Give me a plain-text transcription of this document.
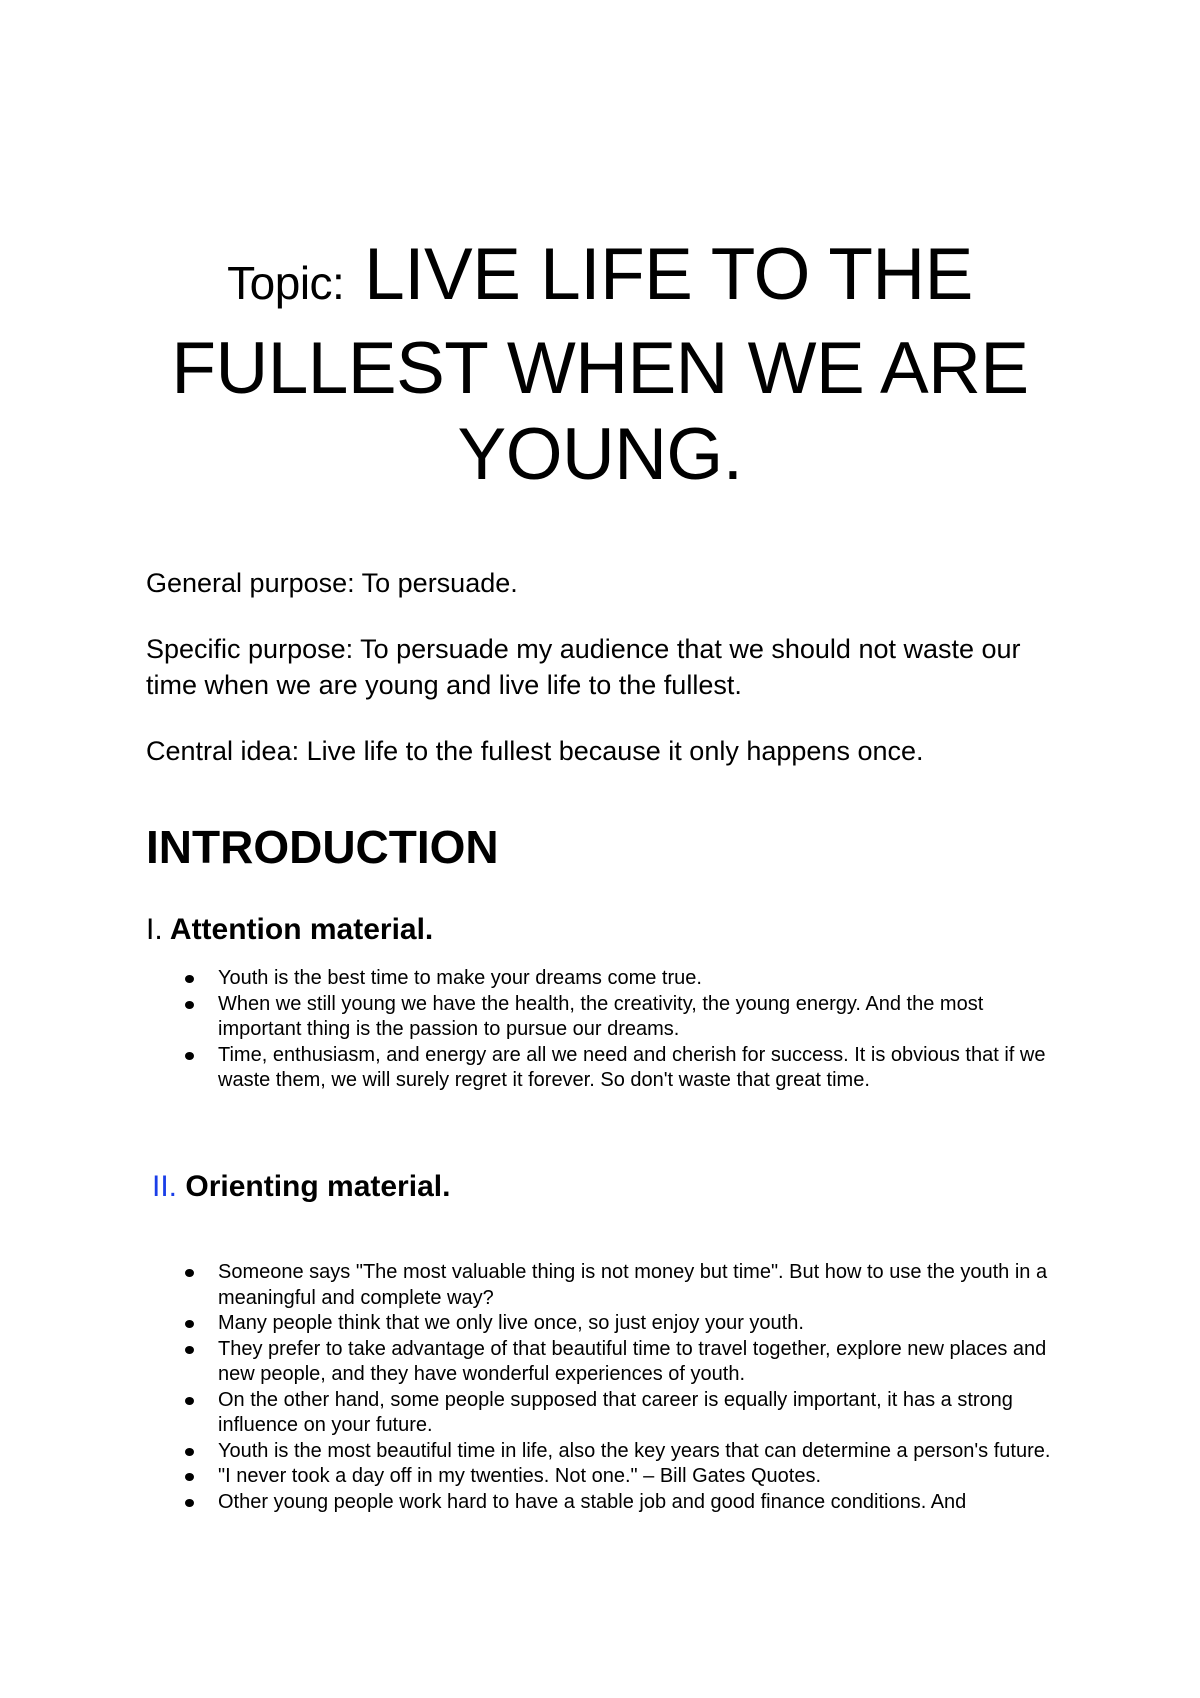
Topic: LIVE LIFE TO THE FULLEST WHEN WE ARE YOUNG.

General purpose: To persuade.

Specific purpose: To persuade my audience that we should not waste our time when we are young and live life to the fullest.

Central idea: Live life to the fullest because it only happens once.

INTRODUCTION
I. Attention material.
Youth is the best time to make your dreams come true.
When we still young we have the health, the creativity, the young energy. And the most important thing is the passion to pursue our dreams.
Time, enthusiasm, and energy are all we need and cherish for success. It is obvious that if we waste them, we will surely regret it forever. So don't waste that great time.
II. Orienting material.
Someone says "The most valuable thing is not money but time". But how to use the youth in a meaningful and complete way?
Many people think that we only live once, so just enjoy your youth.
They prefer to take advantage of that beautiful time to travel together, explore new places and new people, and they have wonderful experiences of youth.
On the other hand, some people supposed that career is equally important, it has a strong influence on your future.
Youth is the most beautiful time in life, also the key years that can determine a person's future.
"I never took a day off in my twenties. Not one." – Bill Gates Quotes.
Other young people work hard to have a stable job and good finance conditions. And
